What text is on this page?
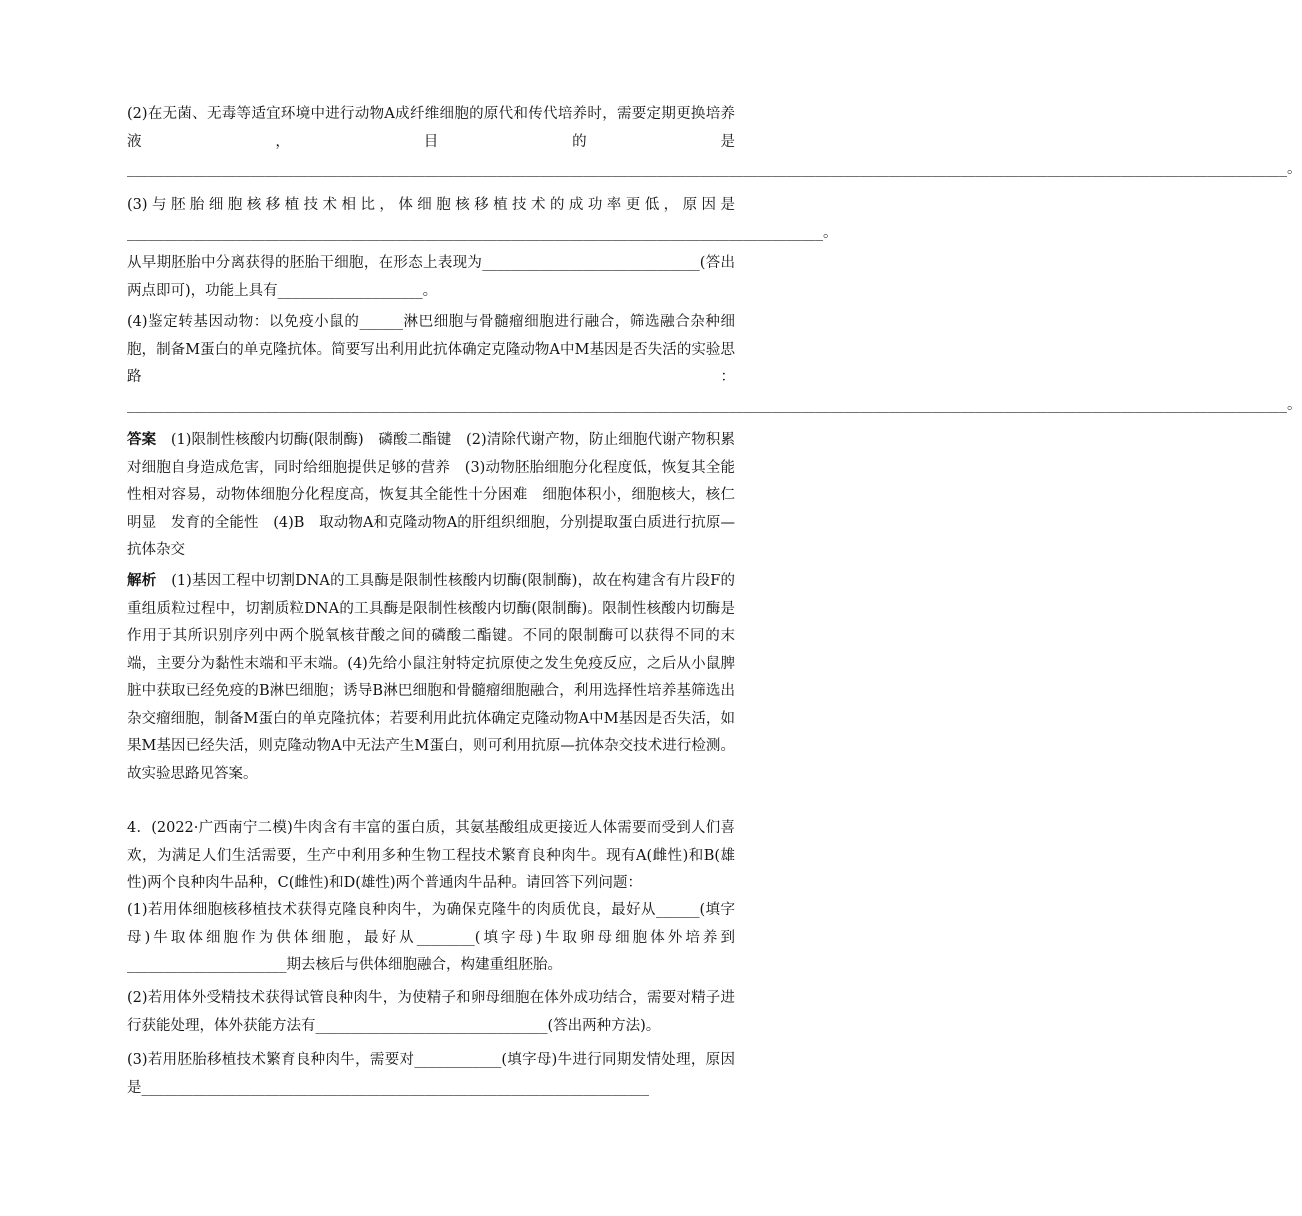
(2)在无菌、无毒等适宜环境中进行动物A成纤维细胞的原代和传代培养时，需要定期更换培养液，目的是________________________________________________________________________________________________________________________________________________________________。

(3)与胚胎细胞核移植技术相比，体细胞核移植技术的成功率更低，原因是________________________________________________________________________________________________。

从早期胚胎中分离获得的胚胎干细胞，在形态上表现为______________________________(答出两点即可)，功能上具有____________________。

(4)鉴定转基因动物：以免疫小鼠的______淋巴细胞与骨髓瘤细胞进行融合，筛选融合杂种细胞，制备M蛋白的单克隆抗体。简要写出利用此抗体确定克隆动物A中M基因是否失活的实验思路：________________________________________________________________________________________________________________________________________________________________。

答案　(1)限制性核酸内切酶(限制酶)　磷酸二酯键　(2)清除代谢产物，防止细胞代谢产物积累对细胞自身造成危害，同时给细胞提供足够的营养　(3)动物胚胎细胞分化程度低，恢复其全能性相对容易，动物体细胞分化程度高，恢复其全能性十分困难　细胞体积小，细胞核大，核仁明显　发育的全能性　(4)B　取动物A和克隆动物A的肝组织细胞，分别提取蛋白质进行抗原—抗体杂交

解析　(1)基因工程中切割DNA的工具酶是限制性核酸内切酶(限制酶)，故在构建含有片段F的重组质粒过程中，切割质粒DNA的工具酶是限制性核酸内切酶(限制酶)。限制性核酸内切酶是作用于其所识别序列中两个脱氧核苷酸之间的磷酸二酯键。不同的限制酶可以获得不同的末端，主要分为黏性末端和平末端。(4)先给小鼠注射特定抗原使之发生免疫反应，之后从小鼠脾脏中获取已经免疫的B淋巴细胞；诱导B淋巴细胞和骨髓瘤细胞融合，利用选择性培养基筛选出杂交瘤细胞，制备M蛋白的单克隆抗体；若要利用此抗体确定克隆动物A中M基因是否失活，如果M基因已经失活，则克隆动物A中无法产生M蛋白，则可利用抗原—抗体杂交技术进行检测。故实验思路见答案。

4．(2022·广西南宁二模)牛肉含有丰富的蛋白质，其氨基酸组成更接近人体需要而受到人们喜欢，为满足人们生活需要，生产中利用多种生物工程技术繁育良种肉牛。现有A(雌性)和B(雄性)两个良种肉牛品种，C(雌性)和D(雄性)两个普通肉牛品种。请回答下列问题：

(1)若用体细胞核移植技术获得克隆良种肉牛，为确保克隆牛的肉质优良，最好从______(填字母)牛取体细胞作为供体细胞，最好从________(填字母)牛取卵母细胞体外培养到______________________期去核后与供体细胞融合，构建重组胚胎。

(2)若用体外受精技术获得试管良种肉牛，为使精子和卵母细胞在体外成功结合，需要对精子进行获能处理，体外获能方法有________________________________(答出两种方法)。

(3)若用胚胎移植技术繁育良种肉牛，需要对____________(填字母)牛进行同期发情处理，原因是______________________________________________________________________
